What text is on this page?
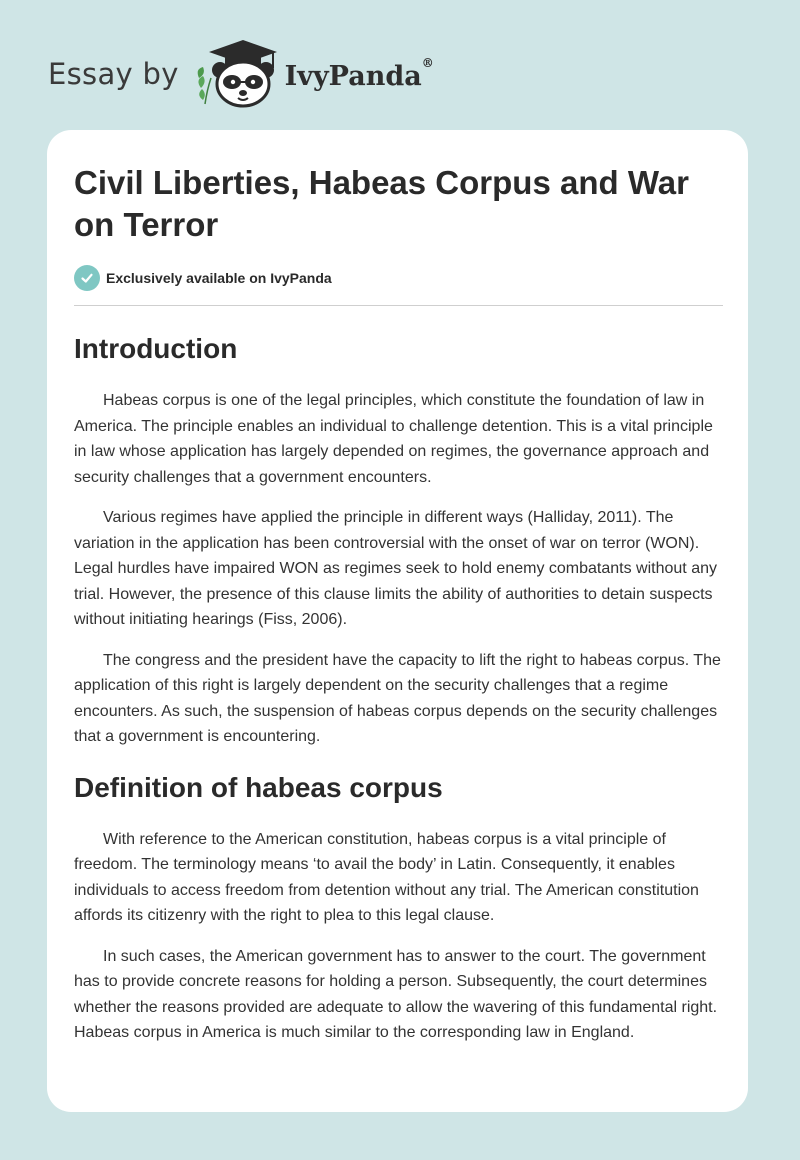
Essay by	IvyPanda®
Civil Liberties, Habeas Corpus and War on Terror
Exclusively available on IvyPanda
Introduction

Habeas corpus is one of the legal principles, which constitute the foundation of law in America. The principle enables an individual to challenge detention. This is a vital principle in law whose application has largely depended on regimes, the governance approach and security challenges that a government encounters.

Various regimes have applied the principle in different ways (Halliday, 2011). The variation in the application has been controversial with the onset of war on terror (WON). Legal hurdles have impaired WON as regimes seek to hold enemy combatants without any trial. However, the presence of this clause limits the ability of authorities to detain suspects without initiating hearings (Fiss, 2006).

The congress and the president have the capacity to lift the right to habeas corpus. The application of this right is largely dependent on the security challenges that a regime encounters. As such, the suspension of habeas corpus depends on the security challenges that a government is encountering.

Definition of habeas corpus

With reference to the American constitution, habeas corpus is a vital principle of freedom. The terminology means ‘to avail the body’ in Latin. Consequently, it enables individuals to access freedom from detention without any trial. The American constitution affords its citizenry with the right to plea to this legal clause.

In such cases, the American government has to answer to the court. The government has to provide concrete reasons for holding a person. Subsequently, the court determines whether the reasons provided are adequate to allow the wavering of this fundamental right. Habeas corpus in America is much similar to the corresponding law in England.
